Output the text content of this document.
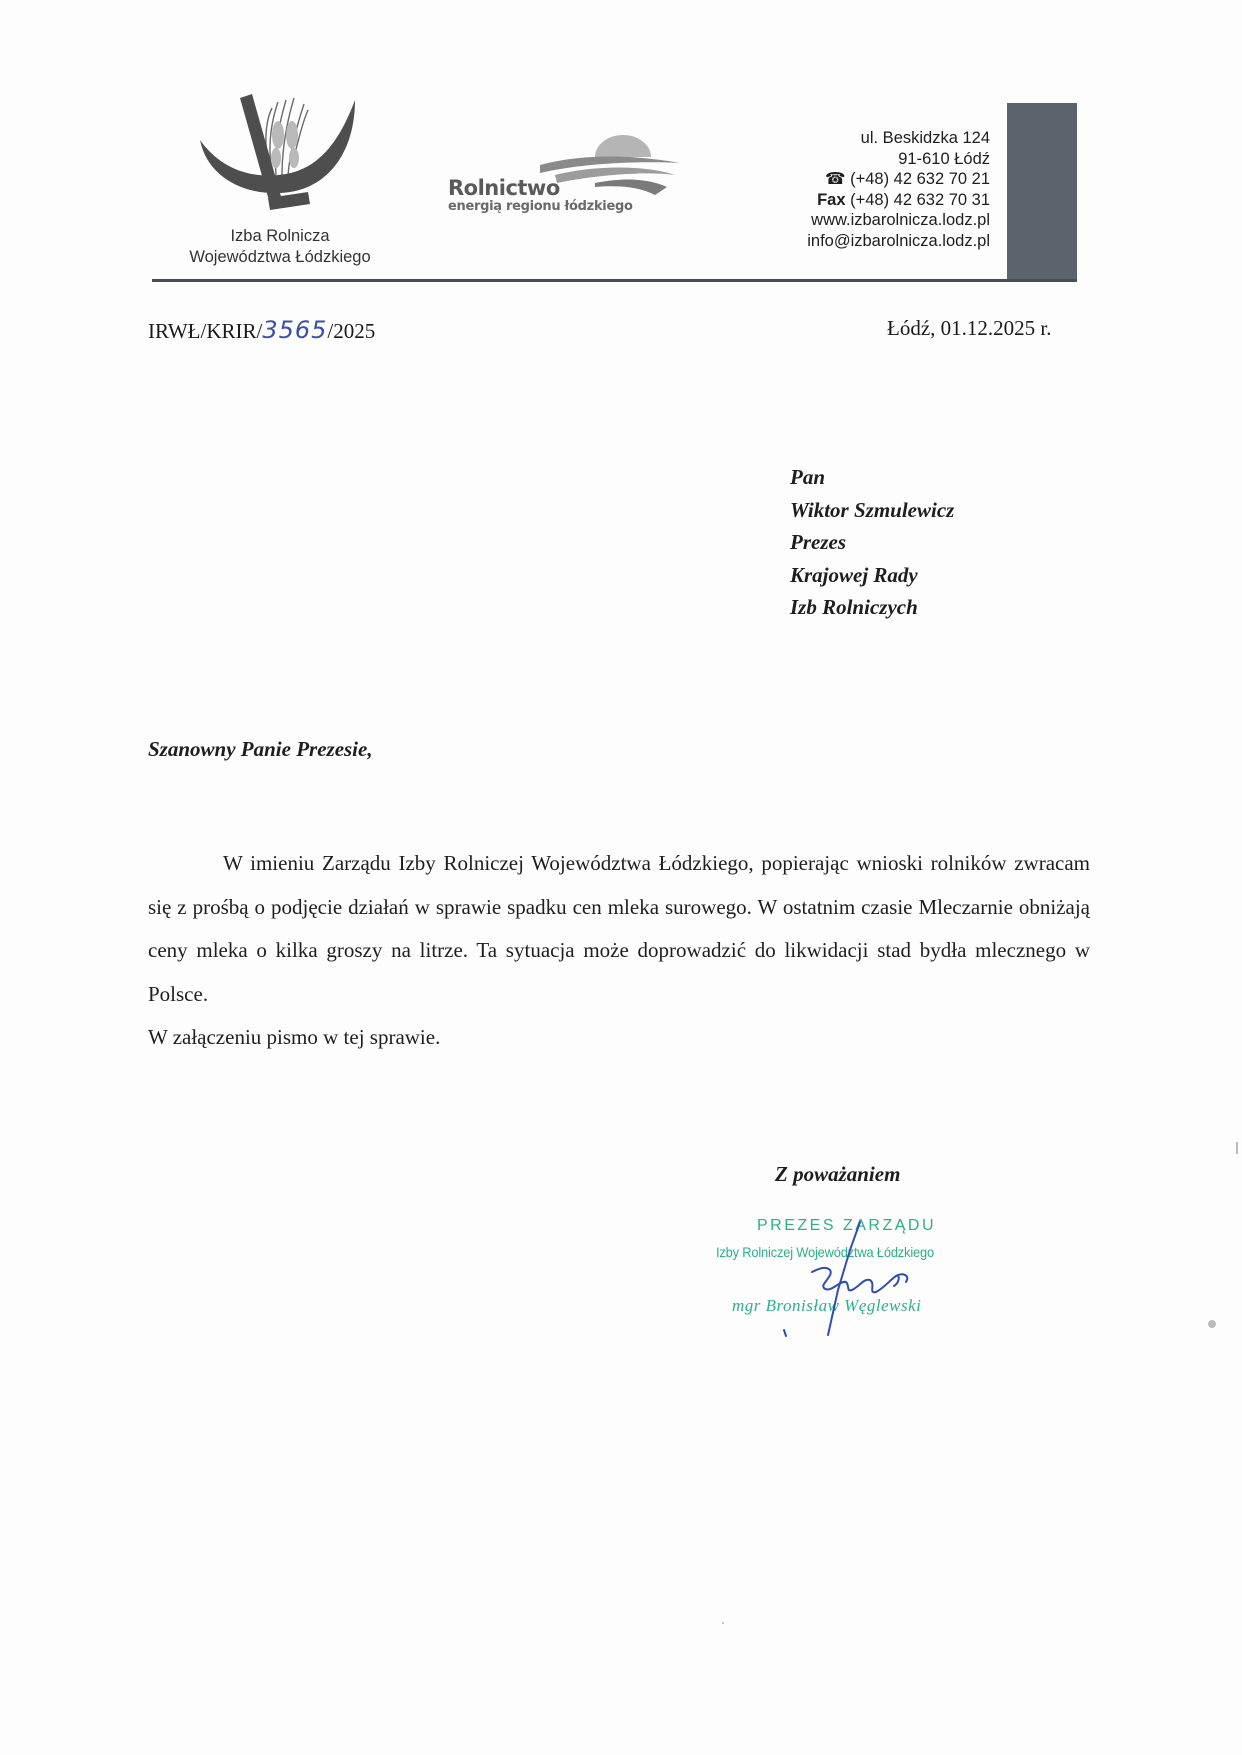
Izba Rolnicza
Województwa Łódzkiego
Rolnictwo
energią regionu łódzkiego
ul. Beskidzka 124
91-610 Łódź
☎ (+48) 42 632 70 21
Fax (+48) 42 632 70 31
www.izbarolnicza.lodz.pl
info@izbarolnicza.lodz.pl
IRWŁ/KRIR/3565/2025	Łódź, 01.12.2025 r.
Pan
Wiktor Szmulewicz
Prezes
Krajowej Rady
Izb Rolniczych
Szanowny Panie Prezesie,

W imieniu Zarządu Izby Rolniczej Województwa Łódzkiego, popierając wnioski rolników zwracam się z prośbą o podjęcie działań w sprawie spadku cen mleka surowego. W ostatnim czasie Mleczarnie obniżają ceny mleka o kilka groszy na litrze. Ta sytuacja może doprowadzić do likwidacji stad bydła mlecznego w Polsce.

W załączeniu pismo w tej sprawie.

Z poważaniem
PREZES ZARZĄDU
Izby Rolniczej Województwa Łódzkiego
mgr Bronisław Węglewski
